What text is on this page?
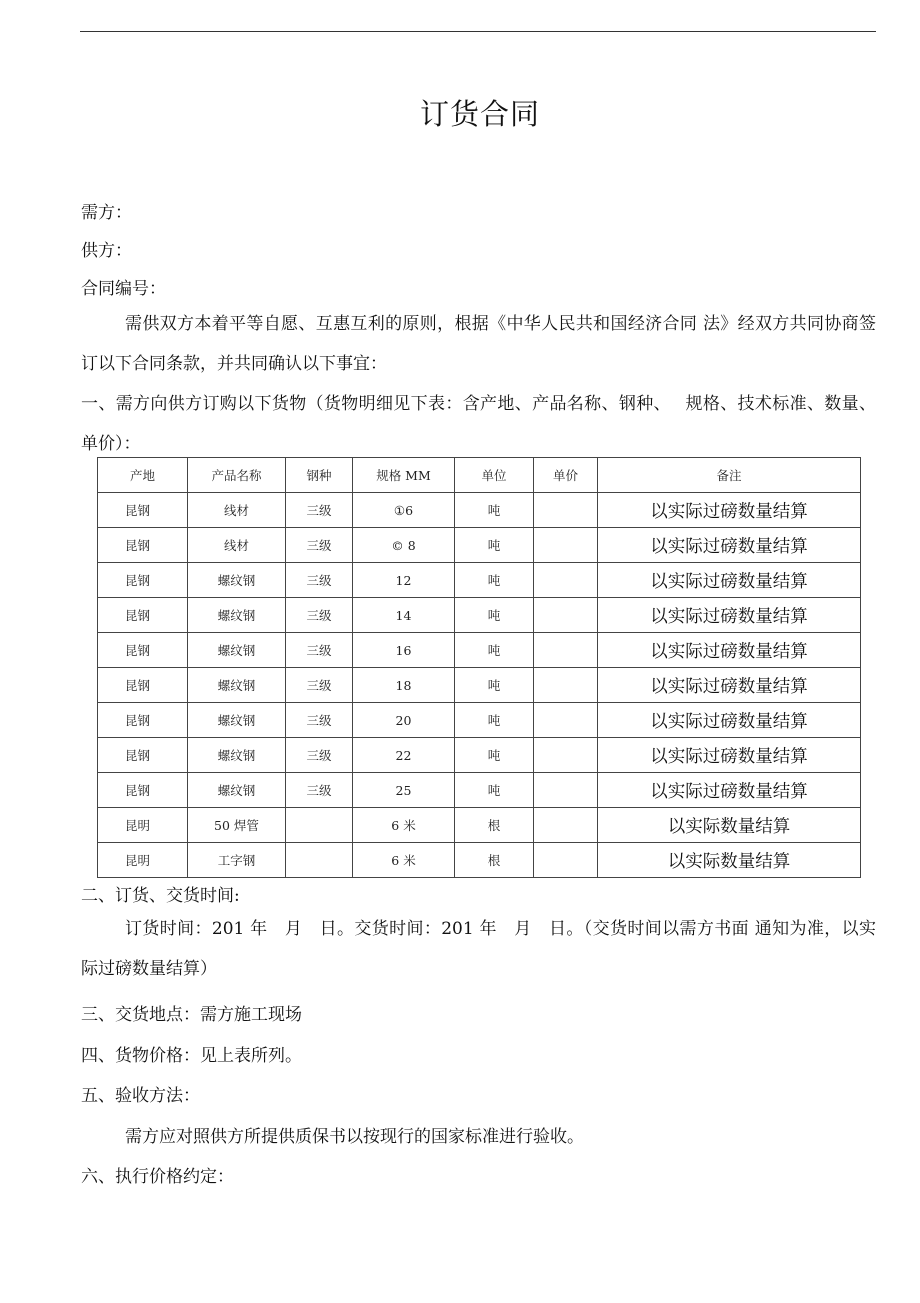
订货合同
需方：
供方：
合同编号：

需供双方本着平等自愿、互惠互利的原则，根据《中华人民共和国经济合同 法》经双方共同协商签订以下合同条款，并共同确认以下事宜：

一、需方向供方订购以下货物（货物明细见下表：含产地、产品名称、钢种、　 规格、技术标准、数量、单价）：

产地	产品名称	钢种	规格 MM	单位	单价	备注
昆钢	线材	三级	①6	吨		以实际过磅数量结算
昆钢	线材	三级	© 8	吨		以实际过磅数量结算
昆钢	螺纹钢	三级	12	吨		以实际过磅数量结算
昆钢	螺纹钢	三级	14	吨		以实际过磅数量结算
昆钢	螺纹钢	三级	16	吨		以实际过磅数量结算
昆钢	螺纹钢	三级	18	吨		以实际过磅数量结算
昆钢	螺纹钢	三级	20	吨		以实际过磅数量结算
昆钢	螺纹钢	三级	22	吨		以实际过磅数量结算
昆钢	螺纹钢	三级	25	吨		以实际过磅数量结算
昆明	50 焊管		6 米	根		以实际数量结算
昆明	工字钢		6 米	根		以实际数量结算
二、订货、交货时间:

订货时间：201 年　月　日。交货时间：201 年　月　日。（交货时间以需方书面 通知为准，以实际过磅数量结算）

三、交货地点：需方施工现场
四、货物价格：见上表所列。
五、验收方法：
需方应对照供方所提供质保书以按现行的国家标准进行验收。
六、执行价格约定：
